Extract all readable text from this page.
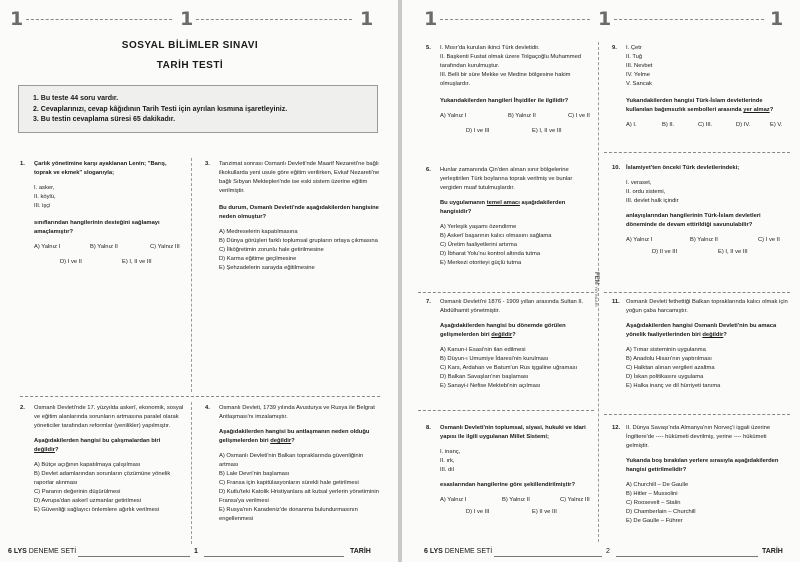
1	1	1
SOSYAL BİLİMLER SINAVI
TARİH TESTİ
1. Bu teste 44 soru vardır.
2. Cevaplarınızı, cevap kâğıdının Tarih Testi için ayrılan kısmına işaretleyiniz.
3. Bu testin cevaplama süresi 65 dakikadır.
1. Çarlık yönetimine karşı ayaklanan Lenin; "Barış, toprak ve ekmek" sloganıyla;

I. asker,

II. köylü,

III. işçi

sınıflarından hangilerinin desteğini sağlamayı amaçlamıştır?

A) Yalnız I	B) Yalnız II	C) Yalnız III
D) I ve II	E) I, II ve III
3. Tanzimat sonrası Osmanlı Devleti'nde Maarif Nezareti'ne bağlı ilkokullarda yeni usule göre eğitim verilirken, Evkaf Nezareti'ne bağlı Sıbyan Mektepleri'nde ise eski sistem üzerine eğitim verilmiştir.

Bu durum, Osmanlı Devleti'nde aşağıdakilerden hangisine neden olmuştur?

A) Medreselerin kapatılmasına

B) Dünya görüşleri farklı toplumsal grupların ortaya çıkmasına

C) İlköğretimin zorunlu hale getirilmesine

D) Karma eğitime geçilmesine

E) Şehzadelerin sarayda eğitilmesine

2. Osmanlı Devleti'nde 17. yüzyılda askerî, ekonomik, sosyal ve eğitim alanlarında sorunların artmasına paralel olarak yöneticiler tarafından reformlar (yenilikler) yapılmıştır.

Aşağıdakilerden hangisi bu çalışmalardan biri değildir?

A) Bütçe açığının kapatılmaya çalışılması

B) Devlet adamlarından sorunların çözümüne yönelik raporlar alınması

C) Paranın değerinin düşürülmesi

D) Avrupa'dan askerî uzmanlar getirilmesi

E) Güvenliği sağlayıcı önlemlere ağırlık verilmesi

4. Osmanlı Devleti, 1739 yılında Avusturya ve Rusya ile Belgrat Antlaşması'nı imzalamıştır.

Aşağıdakilerden hangisi bu antlaşmanın neden olduğu gelişmelerden biri değildir?

A) Osmanlı Devleti'nin Balkan topraklarında güvenliğinin artması

B) Lale Devri'nin başlaması

C) Fransa için kapitülasyonların sürekli hale getirilmesi

D) Kutlu'teki Katolik Hristiyanlara ait kutsal yerlerin yönetiminin Fransa'ya verilmesi

E) Rusya'nın Karadeniz'de donanma bulundurmasının engellenmesi

6 LYS DENEME SETİ	1	TARİH
1	1	1
FEM YAYINLARI
5. I. Mısır'da kurulan ikinci Türk devletidir.

II. Başkenti Fustat olmak üzere Tolgaçoğlu Muhammed tarafından kurulmuştur.

III. Belli bir süre Mekke ve Medine bölgesine hakim olmuşlardır.

Yukarıdakilerden hangileri İhşidiler ile ilgilidir?

A) Yalnız I	B) Yalnız II	C) I ve II
D) I ve III	E) I, II ve III
6. Hunlar zamanında Çin'den alınan sınır bölgelerine yerleştirilen Türk boylarına toprak verilmiş ve bunlar vergiden muaf tutulmuşlardır.

Bu uygulamanın temel amacı aşağıdakilerden hangisidir?

A) Yerleşik yaşamı özendirme

B) Askerî başarının kalıcı olmasını sağlama

C) Üretim faaliyetlerini artırma

D) İbharat Yolu'nu kontrol altında tutma

E) Merkezi otoriteyi güçlü tutma

7. Osmanlı Devleti'ni 1876 - 1909 yılları arasında Sultan II. Abdülhamit yönetmiştir.

Aşağıdakilerden hangisi bu dönemde görülen gelişmelerden biri değildir?

A) Kanun-i Esasi'nin ilan edilmesi

B) Düyun-ı Umumiye İdaresi'nin kurulması

C) Kars, Ardahan ve Batum'un Rus işgaline uğraması

D) Balkan Savaşları'nın başlaması

E) Sanayi-i Nefise Mektebi'nin açılması

8. Osmanlı Devleti'nin toplumsal, siyasi, hukuki ve idari yapısı ile ilgili uygulanan Millet Sistemi;

I. inanç,

II. ırk,

III. dil

esaslarından hangilerine göre şekillendirilmiştir?

A) Yalnız I	B) Yalnız II	C) Yalnız III
D) I ve III	E) II ve III
9. I. Çetr

II. Tuğ

III. Nevbet

IV. Yelme

V. Sancak

Yukarıdakilerden hangisi Türk-İslam devletlerinde kullanılan bağımsızlık sembolleri arasında yer almaz?

A) I.	B) II.	C) III.	D) IV.	E) V.
10. İslamiyet'ten önceki Türk devletlerindeki;

I. veraset,

II. ordu sistemi,

III. devlet halk içindir

anlayışlarından hangilerinin Türk-İslam devletleri döneminde de devam ettirildiği savunulabilir?

A) Yalnız I	B) Yalnız II	C) I ve II
D) II ve III	E) I, II ve III
11. Osmanlı Devleti fethettiği Balkan topraklarında kalıcı olmak için yoğun çaba harcamıştır.

Aşağıdakilerden hangisi Osmanlı Devleti'nin bu amaca yönelik faaliyetlerinden biri değildir?

A) Tımar sisteminin uygulanma

B) Anadolu Hisarı'nın yaptırılması

C) Halktan alınan vergileri azaltma

D) İskan politikasını uygulama

E) Halka inanç ve dil hürriyeti tanıma

12. II. Dünya Savaşı'nda Almanya'nın Norveç'i işgali üzerine İngiltere'de ---- hükümeti devrilmiş, yerine ---- hükümeti gelmiştir.

Yukarıda boş bırakılan yerlere sırasıyla aşağıdakilerden hangisi getirilmelidir?

A) Churchill – De Gaulle

B) Hitler – Mussolini

C) Roosevelt – Stalin

D) Chamberlain – Churchill

E) De Gaulle – Führer

6 LYS DENEME SETİ	2	TARİH
